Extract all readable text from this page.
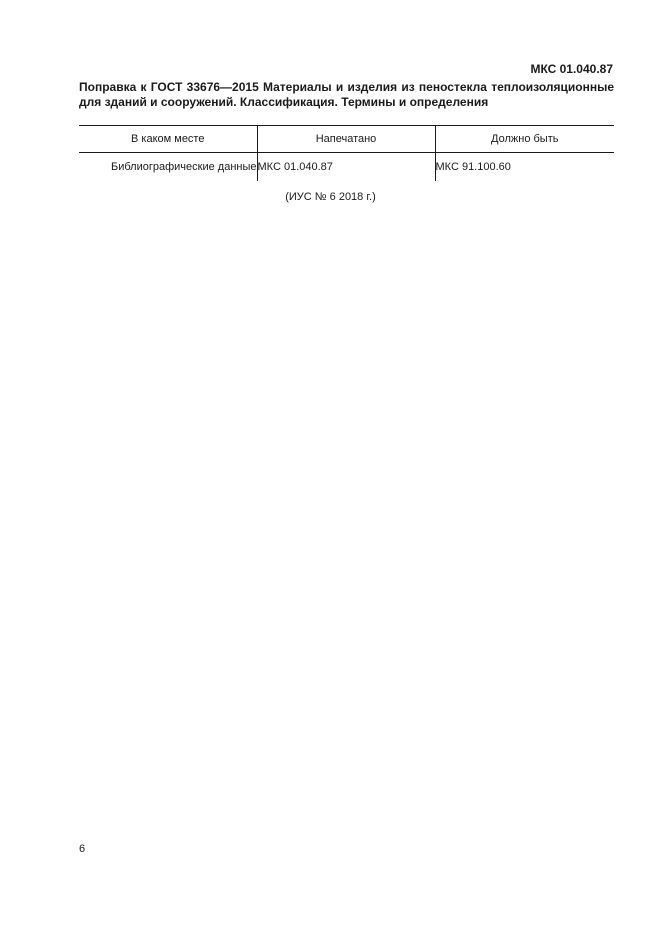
МКС 01.040.87
Поправка к ГОСТ 33676—2015 Материалы и изделия из пеностекла теплоизоляционные для зданий и сооружений. Классификация. Термины и определения
В каком месте	Напечатано	Должно быть
Библиографические данные	МКС 01.040.87	МКС 91.100.60
(ИУС № 6 2018 г.)
6
